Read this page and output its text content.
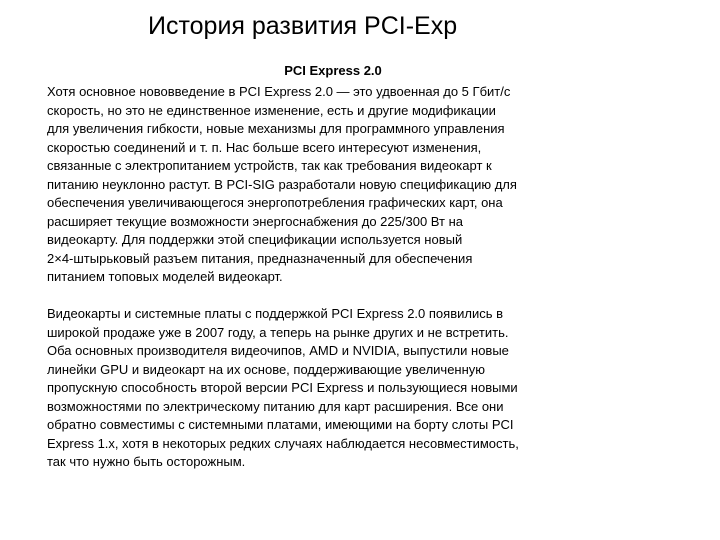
История развития PCI-Exp
PCI Express 2.0

Хотя основное нововведение в PCI Express 2.0 — это удвоенная до 5 Гбит/с
скорость, но это не единственное изменение, есть и другие модификации
для увеличения гибкости, новые механизмы для программного управления
скоростью соединений и т. п. Нас больше всего интересуют изменения,
связанные с электропитанием устройств, так как требования видеокарт к
питанию неуклонно растут. В PCI-SIG разработали новую спецификацию для
обеспечения увеличивающегося энергопотребления графических карт, она
расширяет текущие возможности энергоснабжения до 225/300 Вт на
видеокарту. Для поддержки этой спецификации используется новый
2×4-штырьковый разъем питания, предназначенный для обеспечения
питанием топовых моделей видеокарт.

Видеокарты и системные платы с поддержкой PCI Express 2.0 появились в
широкой продаже уже в 2007 году, а теперь на рынке других и не встретить.
Оба основных производителя видеочипов, AMD и NVIDIA, выпустили новые
линейки GPU и видеокарт на их основе, поддерживающие увеличенную
пропускную способность второй версии PCI Express и пользующиеся новыми
возможностями по электрическому питанию для карт расширения. Все они
обратно совместимы с системными платами, имеющими на борту слоты PCI
Express 1.x, хотя в некоторых редких случаях наблюдается несовместимость,
так что нужно быть осторожным.
